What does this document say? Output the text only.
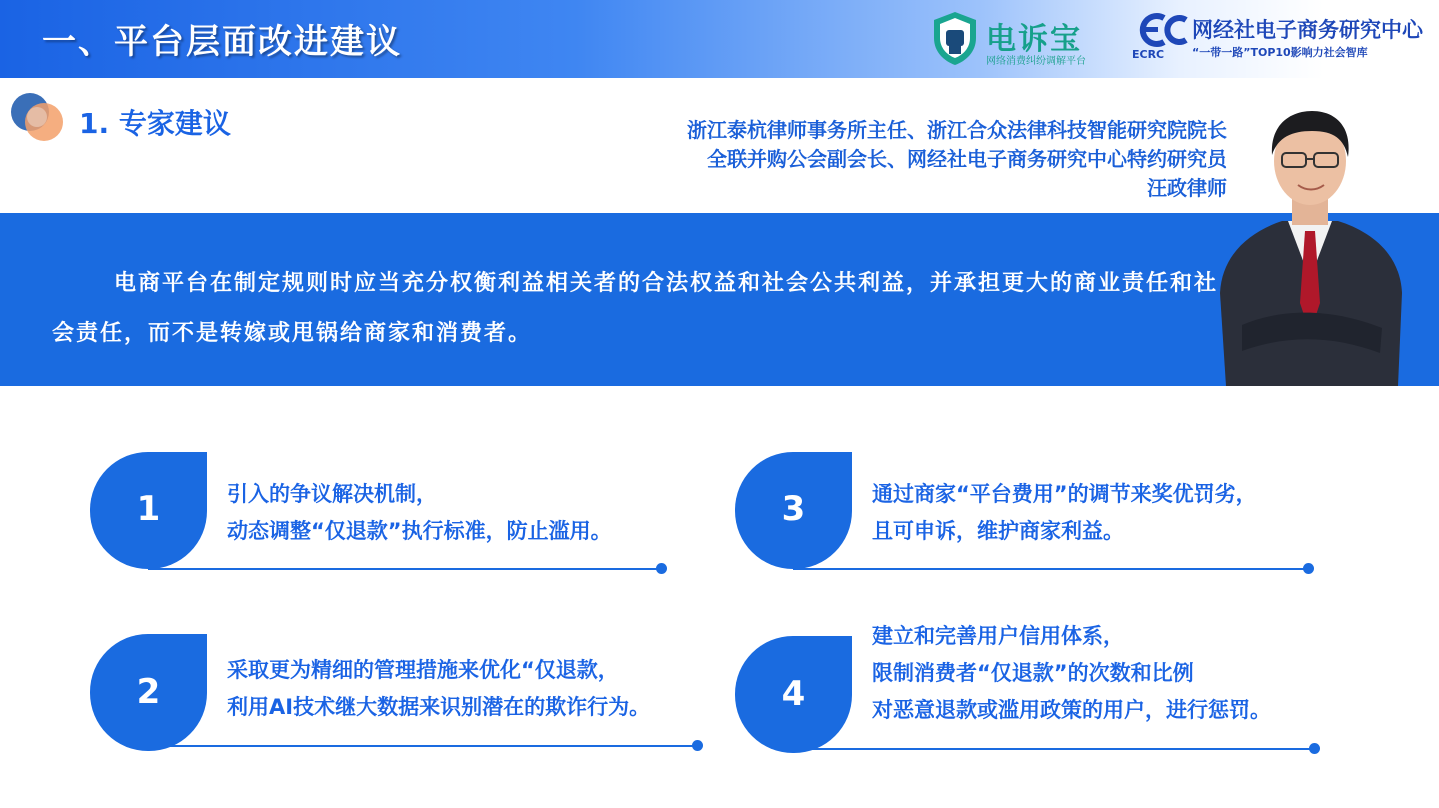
一、平台层面改进建议	电诉宝
网络消费纠纷调解平台
ECRC
网经社电子商务研究中心
“一带一路”TOP10影响力社会智库
1. 专家建议	浙江泰杭律师事务所主任、浙江合众法律科技智能研究院院长
全联并购公会副会长、网经社电子商务研究中心特约研究员
汪政律师
电商平台在制定规则时应当充分权衡利益相关者的合法权益和社会公共利益，并承担更大的商业责任和社会责任，而不是转嫁或甩锅给商家和消费者。
1	引入的争议解决机制，
动态调整“仅退款”执行标准，防止滥用。
2
采取更为精细的管理措施来优化“仅退款，
利用AI技术继大数据来识别潜在的欺诈行为。
3	通过商家“平台费用”的调节来奖优罚劣，
且可申诉，维护商家利益。
4
建立和完善用户信用体系，
限制消费者“仅退款”的次数和比例
对恶意退款或滥用政策的用户，进行惩罚。
